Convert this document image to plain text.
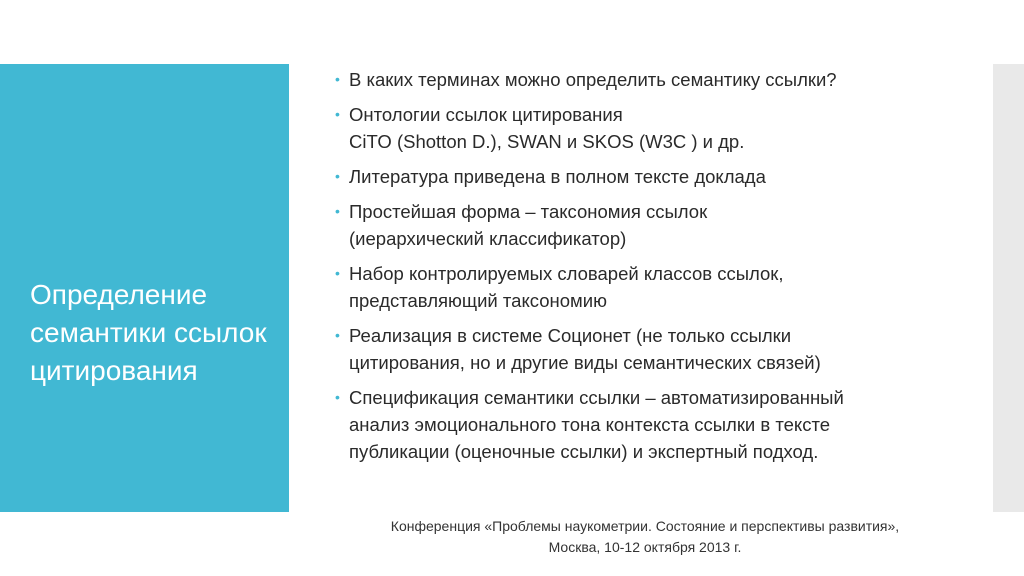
Определение семантики ссылок цитирования
• В каких терминах можно определить семантику ссылки?
• Онтологии ссылок цитирования
CiTO (Shotton D.), SWAN и SKOS (W3C ) и др.
• Литература приведена в полном тексте доклада
• Простейшая форма – таксономия ссылок
(иерархический классификатор)
• Набор контролируемых словарей классов ссылок,
представляющий таксономию
• Реализация в системе Соционет (не только ссылки
цитирования, но и другие виды семантических связей)
• Спецификация семантики ссылки – автоматизированный
анализ эмоционального тона контекста ссылки в тексте
публикации (оценочные ссылки) и экспертный подход.
Конференция «Проблемы наукометрии. Состояние и перспективы развития»,
Москва, 10-12 октября 2013 г.
